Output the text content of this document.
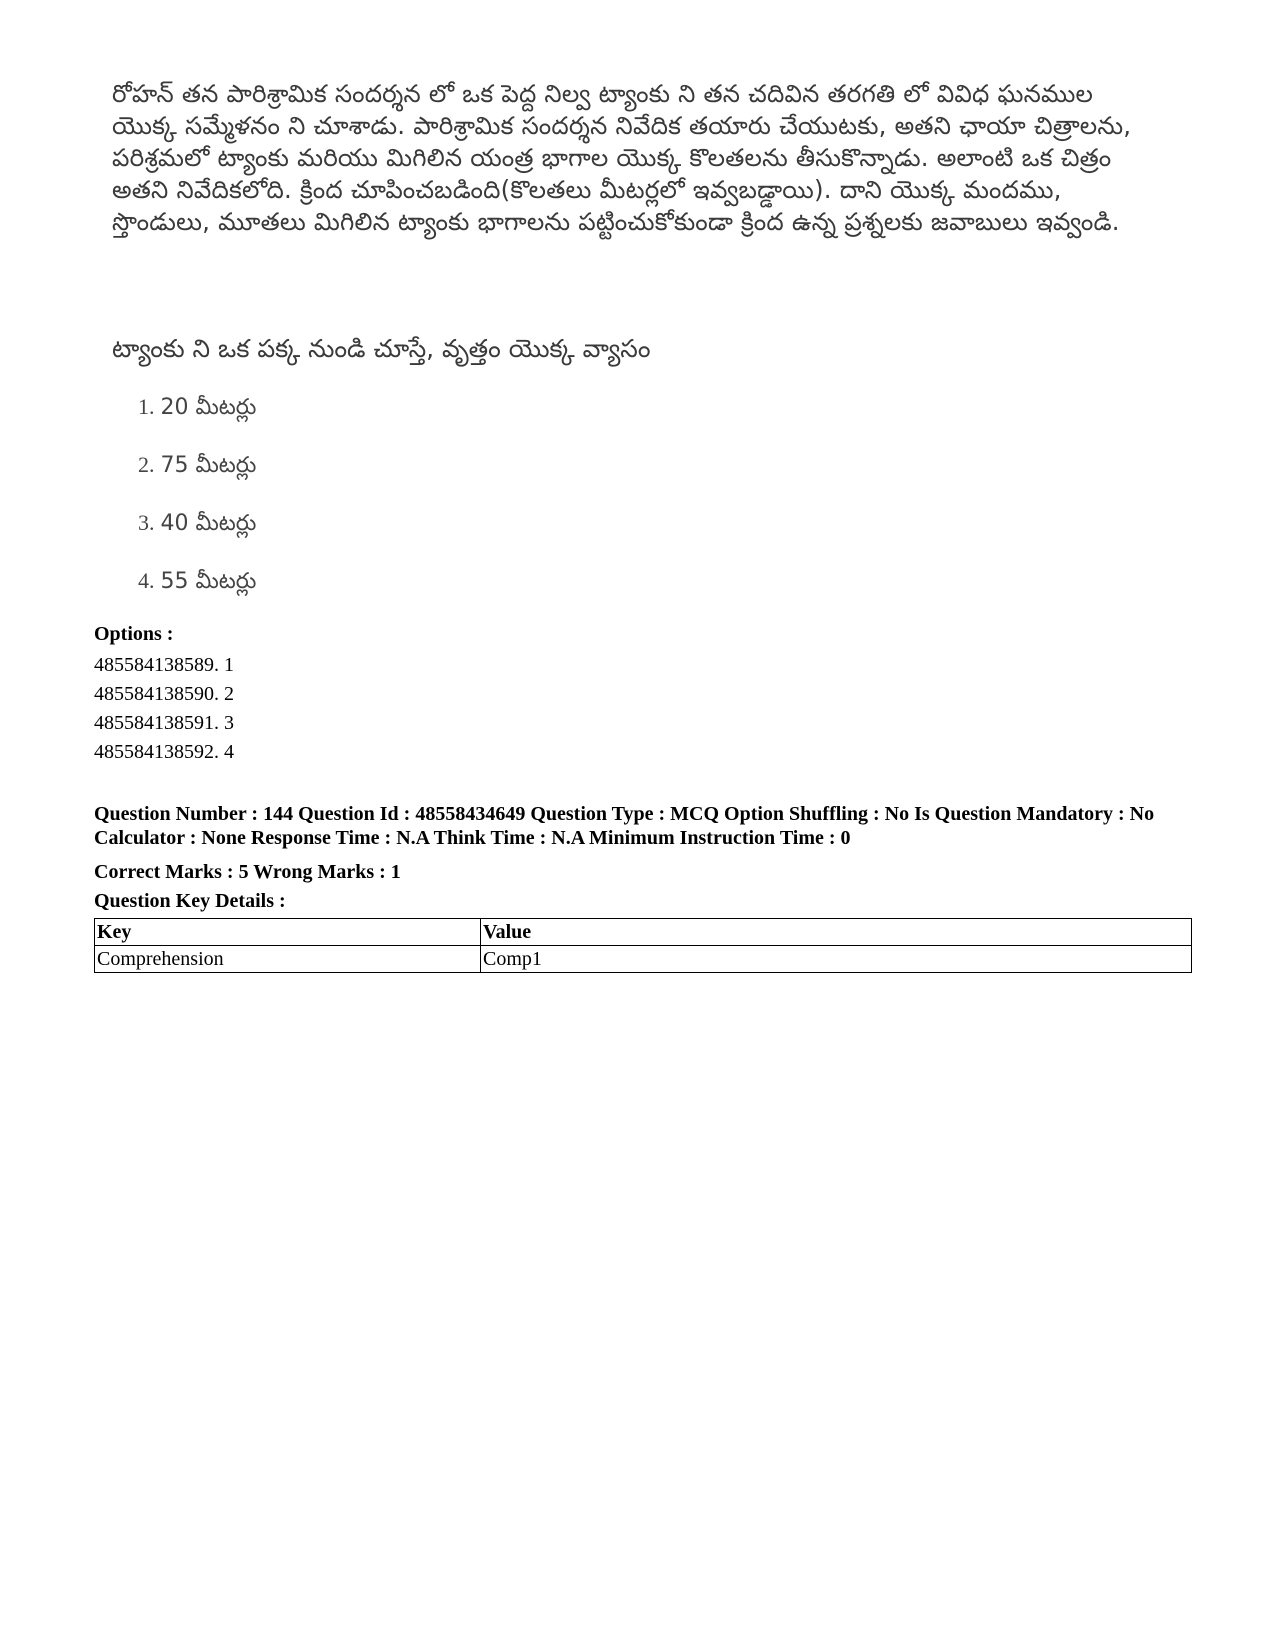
రోహన్ తన పారిశ్రామిక సందర్శన లో ఒక పెద్ద నిల్వ ట్యాంకు ని తన చదివిన తరగతి లో వివిధ ఘనముల యొక్క సమ్మేళనం ని చూశాడు. పారిశ్రామిక సందర్శన నివేదిక తయారు చేయుటకు, అతని ఛాయా చిత్రాలను, పరిశ్రమలో ట్యాంకు మరియు మిగిలిన యంత్ర భాగాల యొక్క కొలతలను తీసుకొన్నాడు. అలాంటి ఒక చిత్రం అతని నివేదికలోది. క్రింద చూపించబడింది(కొలతలు మీటర్లలో ఇవ్వబడ్డాయి). దాని యొక్క మందము, స్తొండులు, మూతలు మిగిలిన ట్యాంకు భాగాలను పట్టించుకోకుండా క్రింద ఉన్న ప్రశ్నలకు జవాబులు ఇవ్వండి.
ట్యాంకు ని ఒక పక్క నుండి చూస్తే, వృత్తం యొక్క వ్యాసం
1. 20 మీటర్లు
2. 75 మీటర్లు
3. 40 మీటర్లు
4. 55 మీటర్లు
Options :
485584138589. 1
485584138590. 2
485584138591. 3
485584138592. 4
Question Number : 144 Question Id : 48558434649 Question Type : MCQ Option Shuffling : No Is Question Mandatory : No Calculator : None Response Time : N.A Think Time : N.A Minimum Instruction Time : 0
Correct Marks : 5 Wrong Marks : 1
Question Key Details :
Key	Value
Comprehension	Comp1
